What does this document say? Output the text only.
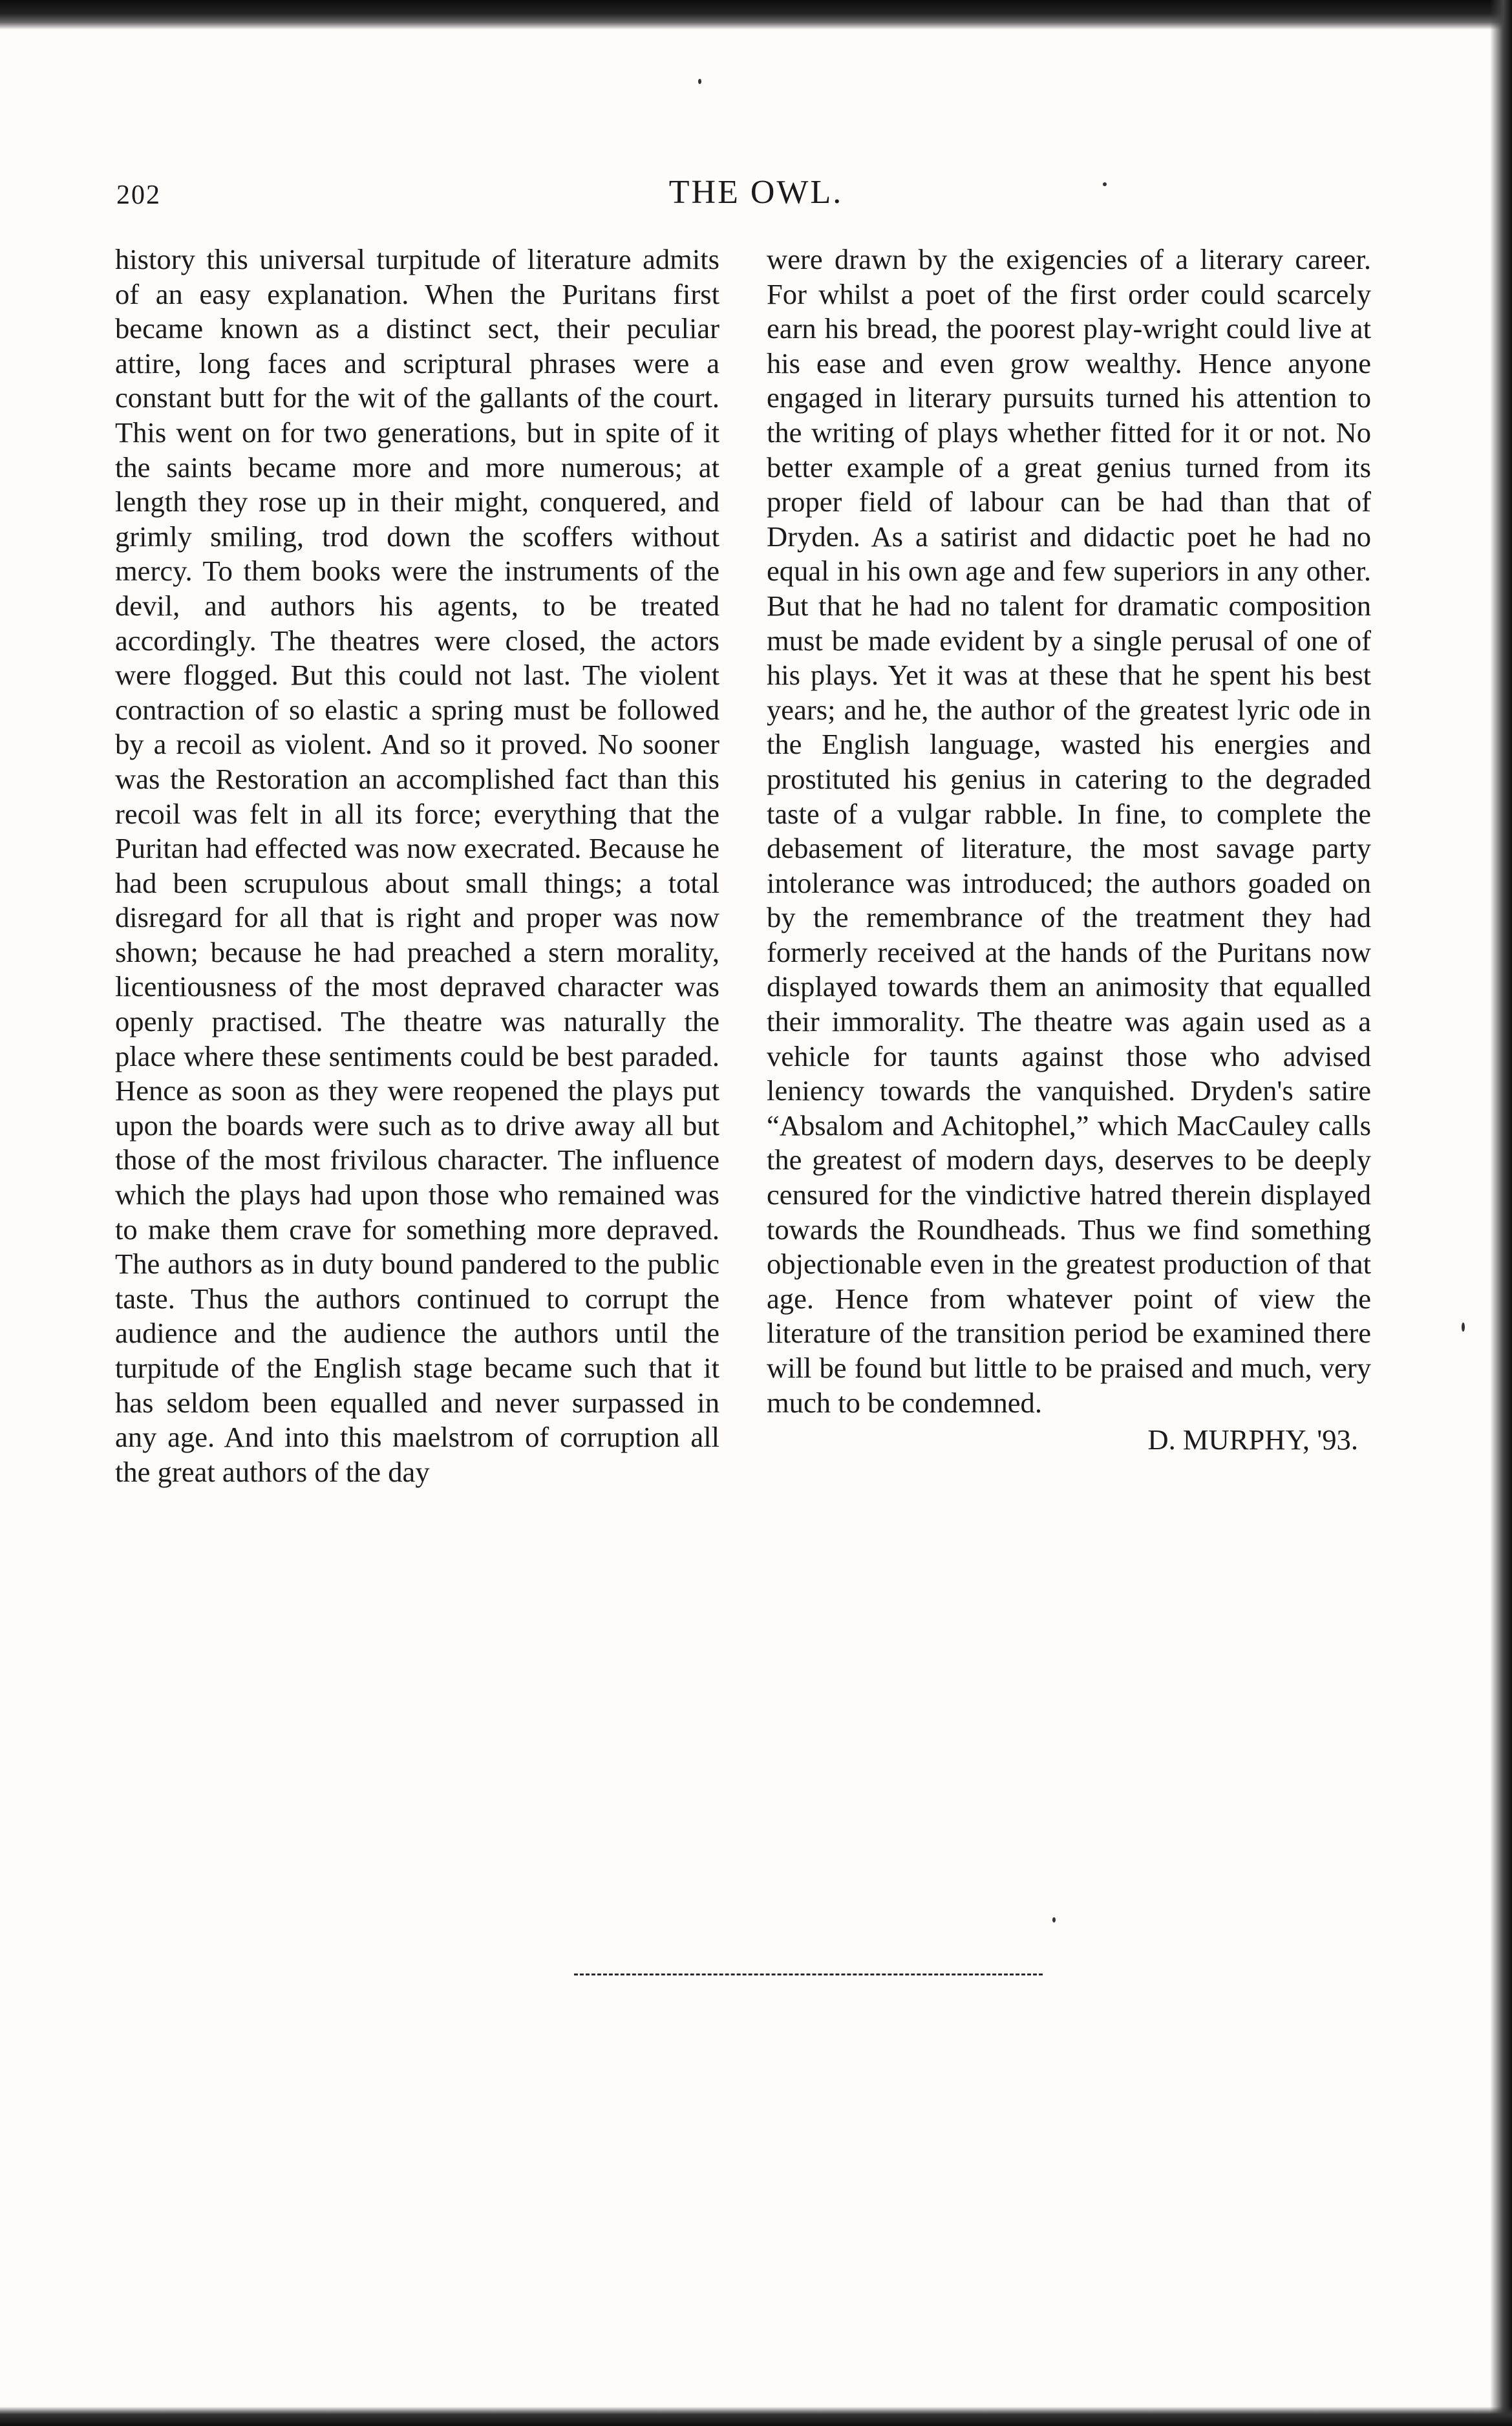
202	THE OWL.

history this universal turpitude of literature admits of an easy explanation. When the Puritans first became known as a distinct sect, their peculiar attire, long faces and scriptural phrases were a constant butt for the wit of the gallants of the court. This went on for two generations, but in spite of it the saints became more and more numerous; at length they rose up in their might, conquered, and grimly smiling, trod down the scoffers without mercy. To them books were the instruments of the devil, and authors his agents, to be treated accordingly. The theatres were closed, the actors were flogged. But this could not last. The violent contraction of so elastic a spring must be followed by a recoil as violent. And so it proved. No sooner was the Restoration an accomplished fact than this recoil was felt in all its force; everything that the Puritan had effected was now execrated. Because he had been scrupulous about small things; a total disregard for all that is right and proper was now shown; because he had preached a stern morality, licentiousness of the most depraved character was openly practised. The theatre was naturally the place where these sentiments could be best paraded. Hence as soon as they were reopened the plays put upon the boards were such as to drive away all but those of the most frivilous character. The influence which the plays had upon those who remained was to make them crave for something more depraved. The authors as in duty bound pandered to the public taste. Thus the authors continued to corrupt the audience and the audience the authors until the turpitude of the English stage became such that it has seldom been equalled and never surpassed in any age. And into this maelstrom of corruption all the great authors of the day

were drawn by the exigencies of a literary career. For whilst a poet of the first order could scarcely earn his bread, the poorest play-wright could live at his ease and even grow wealthy. Hence anyone engaged in literary pursuits turned his attention to the writing of plays whether fitted for it or not. No better example of a great genius turned from its proper field of labour can be had than that of Dryden. As a satirist and didactic poet he had no equal in his own age and few superiors in any other. But that he had no talent for dramatic composition must be made evident by a single perusal of one of his plays. Yet it was at these that he spent his best years; and he, the author of the greatest lyric ode in the English language, wasted his energies and prostituted his genius in catering to the degraded taste of a vulgar rabble. In fine, to complete the debasement of literature, the most savage party intolerance was introduced; the authors goaded on by the remembrance of the treatment they had formerly received at the hands of the Puritans now displayed towards them an animosity that equalled their immorality. The theatre was again used as a vehicle for taunts against those who advised leniency towards the vanquished. Dryden's satire “Absalom and Achitophel,” which MacCauley calls the greatest of modern days, deserves to be deeply censured for the vindictive hatred therein displayed towards the Roundheads. Thus we find something objectionable even in the greatest production of that age. Hence from whatever point of view the literature of the transition period be examined there will be found but little to be praised and much, very much to be condemned.

D. MURPHY, '93.
